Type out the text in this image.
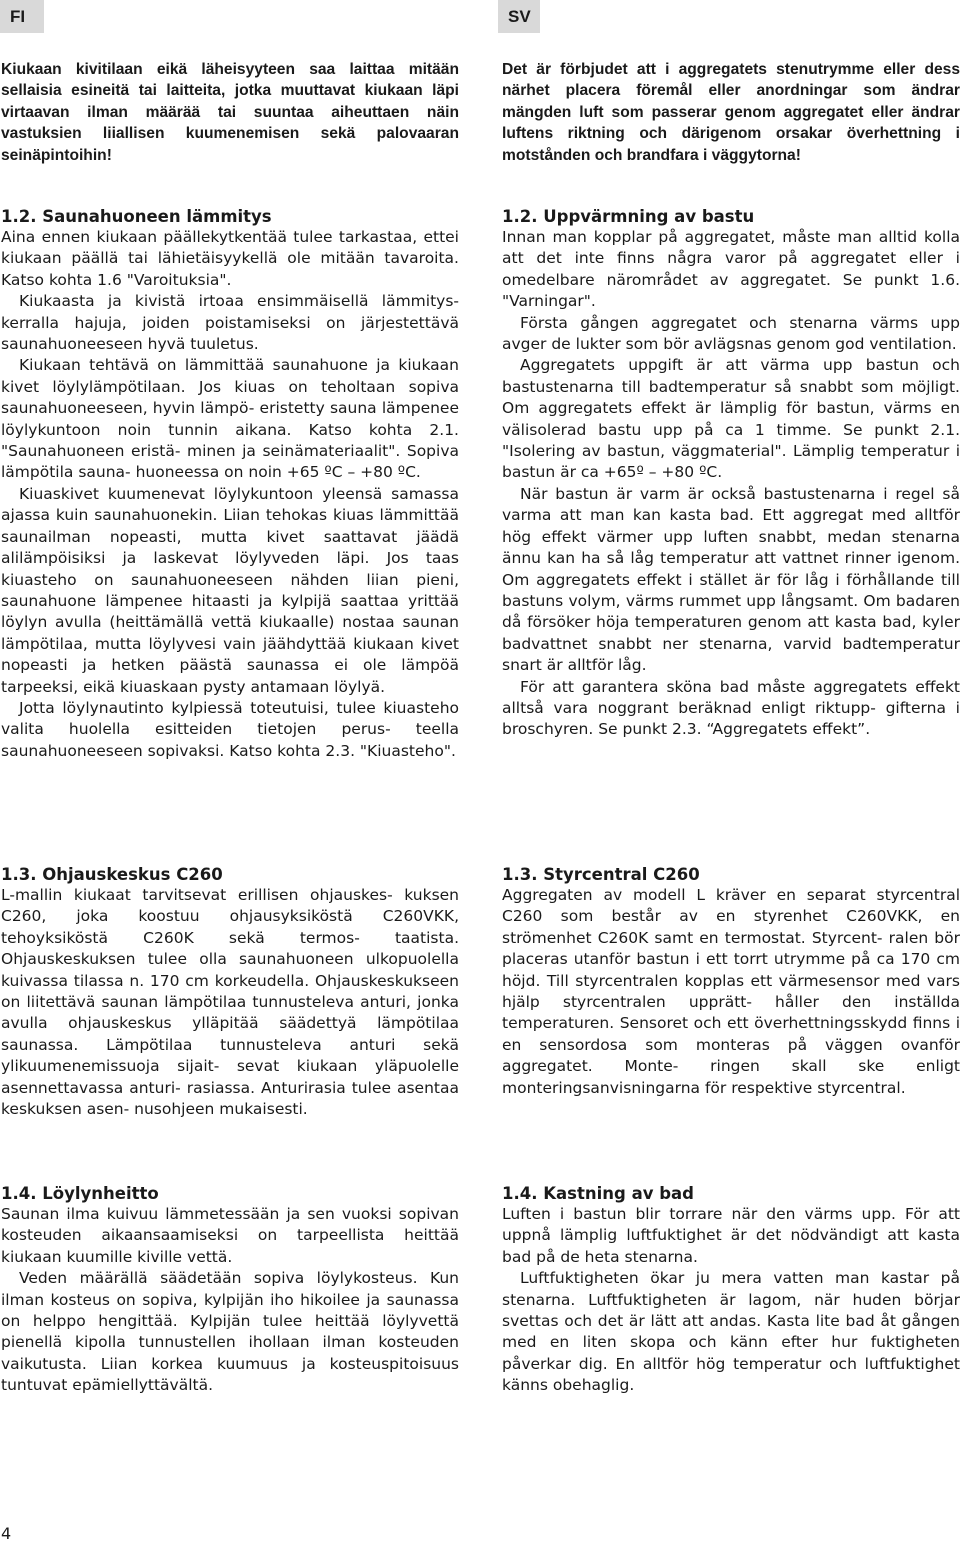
FI	SV

Kiukaan kivitilaan eikä läheisyyteen saa laittaa mitään sellaisia esineitä tai laitteita, jotka muuttavat kiukaan läpi virtaavan ilman määrää tai suuntaa aiheuttaen näin vastuksien liiallisen kuumenemisen sekä palovaaran seinäpintoihin!

Det är förbjudet att i aggregatets stenutrymme eller dess närhet placera föremål eller anordningar som ändrar mängden luft som passerar genom aggregatet eller ändrar luftens riktning och därigenom orsakar överhettning i motstånden och brandfara i väggytorna!

1.2. Saunahuoneen lämmitys

Aina ennen kiukaan päällekytkentää tulee tarkastaa, ettei kiukaan päällä tai lähietäisyykellä ole mitään tavaroita. Katso kohta 1.6 "Varoituksia".

Kiukaasta ja kivistä irtoaa ensimmäisellä lämmitys- kerralla hajuja, joiden poistamiseksi on järjestettävä saunahuoneeseen hyvä tuuletus.

Kiukaan tehtävä on lämmittää saunahuone ja kiukaan kivet löylylämpötilaan. Jos kiuas on teholtaan sopiva saunahuoneeseen, hyvin lämpö- eristetty sauna lämpenee löylykuntoon noin tunnin aikana. Katso kohta 2.1. "Saunahuoneen eristä- minen ja seinämateriaalit". Sopiva lämpötila sauna- huoneessa on noin +65 ºC – +80 ºC.

Kiuaskivet kuumenevat löylykuntoon yleensä samassa ajassa kuin saunahuonekin. Liian tehokas kiuas lämmittää saunailman nopeasti, mutta kivet saattavat jäädä alilämpöisiksi ja laskevat löylyveden läpi. Jos taas kiuasteho on saunahuoneeseen nähden liian pieni, saunahuone lämpenee hitaasti ja kylpijä saattaa yrittää löylyn avulla (heittämällä vettä kiukaalle) nostaa saunan lämpötilaa, mutta löylyvesi vain jäähdyttää kiukaan kivet nopeasti ja hetken päästä saunassa ei ole lämpöä tarpeeksi, eikä kiuaskaan pysty antamaan löylyä.

Jotta löylynautinto kylpiessä toteutuisi, tulee kiuasteho valita huolella esitteiden tietojen perus- teella saunahuoneeseen sopivaksi. Katso kohta 2.3. "Kiuasteho".

1.2. Uppvärmning av bastu

Innan man kopplar på aggregatet, måste man alltid kolla att det inte finns några varor på aggregatet eller i omedelbare närområdet av aggregatet. Se punkt 1.6. "Varningar".

Första gången aggregatet och stenarna värms upp avger de lukter som bör avlägsnas genom god ventilation.

Aggregatets uppgift är att värma upp bastun och bastustenarna till badtemperatur så snabbt som möjligt. Om aggregatets effekt är lämplig för bastun, värms en välisolerad bastu upp på ca 1 timme. Se punkt 2.1. "Isolering av bastun, väggmaterial". Lämplig temperatur i bastun är ca +65º – +80 ºC.

När bastun är varm är också bastustenarna i regel så varma att man kan kasta bad. Ett aggregat med alltför hög effekt värmer upp luften snabbt, medan stenarna ännu kan ha så låg temperatur att vattnet rinner igenom. Om aggregatets effekt i stället är för låg i förhållande till bastuns volym, värms rummet upp långsamt. Om badaren då försöker höja temperaturen genom att kasta bad, kyler badvattnet snabbt ner stenarna, varvid badtemperatur snart är alltför låg.

För att garantera sköna bad måste aggregatets effekt alltså vara noggrant beräknad enligt riktupp- gifterna i broschyren. Se punkt 2.3. “Aggregatets effekt”.

1.3. Ohjauskeskus C260

L-mallin kiukaat tarvitsevat erillisen ohjauskes- kuksen C260, joka koostuu ohjausyksiköstä C260VKK, tehoyksiköstä C260K sekä termos- taatista. Ohjauskeskuksen tulee olla saunahuoneen ulkopuolella kuivassa tilassa n. 170 cm korkeudella. Ohjauskeskukseen on liitettävä saunan lämpötilaa tunnusteleva anturi, jonka avulla ohjauskeskus ylläpitää säädettyä lämpötilaa saunassa. Lämpötilaa tunnusteleva anturi sekä ylikuumenemissuoja sijait- sevat kiukaan yläpuolelle asennettavassa anturi- rasiassa. Anturirasia tulee asentaa keskuksen asen- nusohjeen mukaisesti.

1.3. Styrcentral C260

Aggregaten av modell L kräver en separat styrcentral C260 som består av en styrenhet C260VKK, en strömenhet C260K samt en termostat. Styrcent- ralen bör placeras utanför bastun i ett torrt utrymme på ca 170 cm höjd. Till styrcentralen kopplas ett värmesensor med vars hjälp styrcentralen upprätt- håller den inställda temperaturen. Sensoret och ett överhettningsskydd finns i en sensordosa som monteras på väggen ovanför aggregatet. Monte- ringen skall ske enligt monteringsanvisningarna för respektive styrcentral.

1.4. Löylynheitto

Saunan ilma kuivuu lämmetessään ja sen vuoksi sopivan kosteuden aikaansaamiseksi on tarpeellista heittää kiukaan kuumille kiville vettä.

Veden määrällä säädetään sopiva löylykosteus. Kun ilman kosteus on sopiva, kylpijän iho hikoilee ja saunassa on helppo hengittää. Kylpijän tulee heittää löylyvettä pienellä kipolla tunnustellen ihollaan ilman kosteuden vaikutusta. Liian korkea kuumuus ja kosteuspitoisuus tuntuvat epämiellyttävältä.

1.4. Kastning av bad

Luften i bastun blir torrare när den värms upp. För att uppnå lämplig luftfuktighet är det nödvändigt att kasta bad på de heta stenarna.

Luftfuktigheten ökar ju mera vatten man kastar på stenarna. Luftfuktigheten är lagom, när huden börjar svettas och det är lätt att andas. Kasta lite bad åt gången med en liten skopa och känn efter hur fuktigheten påverkar dig. En alltför hög temperatur och luftfuktighet känns obehaglig.

4
